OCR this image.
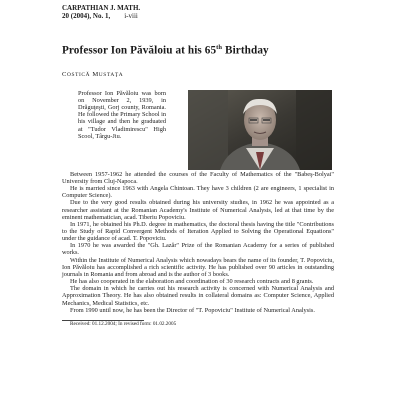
CARPATHIAN J. MATH.
20 (2004), No. 1, i-viii
Professor Ion Păvăloiu at his 65th Birthday
COSTICĂ MUSTAŢA
Professor Ion Păvăloiu was born on November 2, 1939, in Drăguţeşti, Gorj county, Romania. He followed the Primary School in his village and then he graduated at "Tudor Vladimirescu" High Scool, Târgu-Jiu.

Between 1957-1962 he attended the courses of the Faculty of Mathematics of the "Babeş-Bolyai" University from Cluj-Napoca.

He is married since 1963 with Angela Chintoan. They have 3 children (2 are engineers, 1 specialist in Computer Science).

Due to the very good results obtained during his university studies, in 1962 he was appointed as a researcher assistant at the Romanian Academy's Institute of Numerical Analysis, led at that time by the eminent mathematician, acad. Tiberiu Popoviciu.

In 1971, he obtained his Ph.D. degree in mathematics, the doctoral thesis having the title "Contributions to the Study of Rapid Convergent Methods of Iteration Applied to Solving the Operational Equations" under the guidance of acad. T. Popoviciu.

In 1970 he was awarded the "Gh. Lazăr" Prize of the Romanian Academy for a series of published works.

Within the Institute of Numerical Analysis which nowadays bears the name of its founder, T. Popoviciu, Ion Păvăloiu has accomplished a rich scientific activity. He has published over 90 articles in outstanding journals in Romania and from abroad and is the author of 3 books.

He has also cooperated in the elaboration and coordination of 30 research contracts and 8 grants.

The domain in which he carries out his research activity is concerned with Numerical Analysis and Approximation Theory. He has also obtained results in collateral domains as: Computer Science, Applied Mechanics, Medical Statistics, etc.

From 1990 until now, he has been the Director of "T. Popoviciu" Institute of Numerical Analysis.

Received: 01.12.2004; In revised form: 01.02.2005
